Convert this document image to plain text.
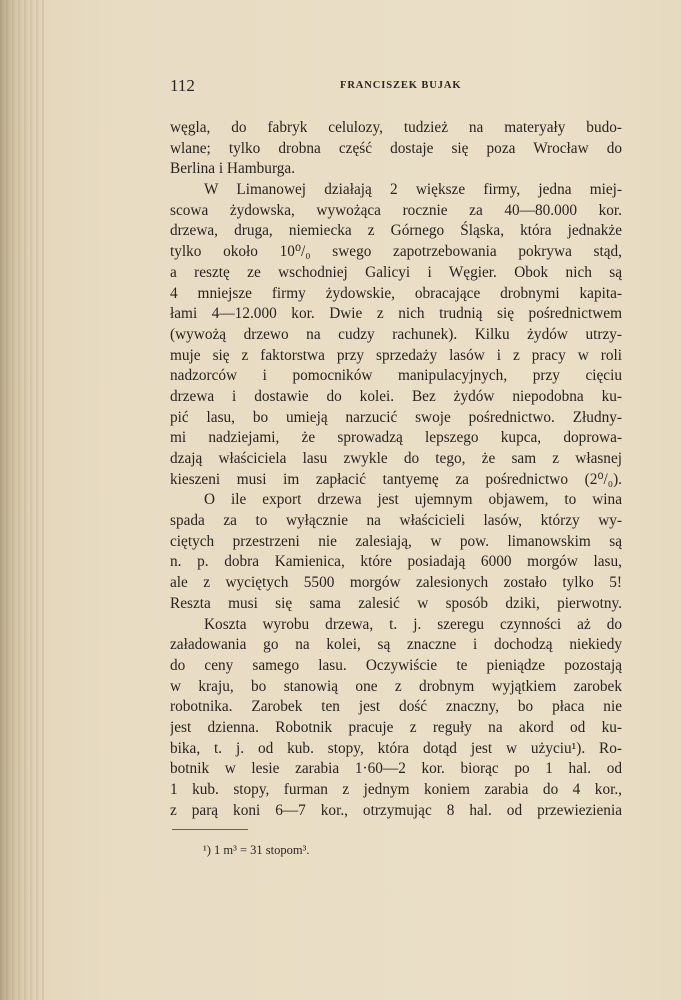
112	FRANCISZEK BUJAK
węgla, do fabryk celulozy, tudzież na materyały budo-
wlane; tylko drobna część dostaje się poza Wrocław do
Berlina i Hamburga.
W Limanowej działają 2 większe firmy, jedna miej-
scowa żydowska, wywożąca rocznie za 40—80.000 kor.
drzewa, druga, niemiecka z Górnego Śląska, która jednakże
tylko około 10⁰/₀ swego zapotrzebowania pokrywa stąd,
a resztę ze wschodniej Galicyi i Węgier. Obok nich są
4 mniejsze firmy żydowskie, obracające drobnymi kapita-
łami 4—12.000 kor. Dwie z nich trudnią się pośrednictwem
(wywożą drzewo na cudzy rachunek). Kilku żydów utrzy-
muje się z faktorstwa przy sprzedaży lasów i z pracy w roli
nadzorców i pomocników manipulacyjnych, przy cięciu
drzewa i dostawie do kolei. Bez żydów niepodobna ku-
pić lasu, bo umieją narzucić swoje pośrednictwo. Złudny-
mi nadziejami, że sprowadzą lepszego kupca, doprowa-
dzają właściciela lasu zwykle do tego, że sam z własnej
kieszeni musi im zapłacić tantyemę za pośrednictwo (2⁰/₀).
O ile export drzewa jest ujemnym objawem, to wina
spada za to wyłącznie na właścicieli lasów, którzy wy-
ciętych przestrzeni nie zalesiają, w pow. limanowskim są
n. p. dobra Kamienica, które posiadają 6000 morgów lasu,
ale z wyciętych 5500 morgów zalesionych zostało tylko 5!
Reszta musi się sama zalesić w sposób dziki, pierwotny.
Koszta wyrobu drzewa, t. j. szeregu czynności aż do
załadowania go na kolei, są znaczne i dochodzą niekiedy
do ceny samego lasu. Oczywiście te pieniądze pozostają
w kraju, bo stanowią one z drobnym wyjątkiem zarobek
robotnika. Zarobek ten jest dość znaczny, bo płaca nie
jest dzienna. Robotnik pracuje z reguły na akord od ku-
bika, t. j. od kub. stopy, która dotąd jest w użyciu¹). Ro-
botnik w lesie zarabia 1·60—2 kor. biorąc po 1 hal. od
1 kub. stopy, furman z jednym koniem zarabia do 4 kor.,
z parą koni 6—7 kor., otrzymując 8 hal. od przewiezienia
¹) 1 m³ = 31 stopom³.
